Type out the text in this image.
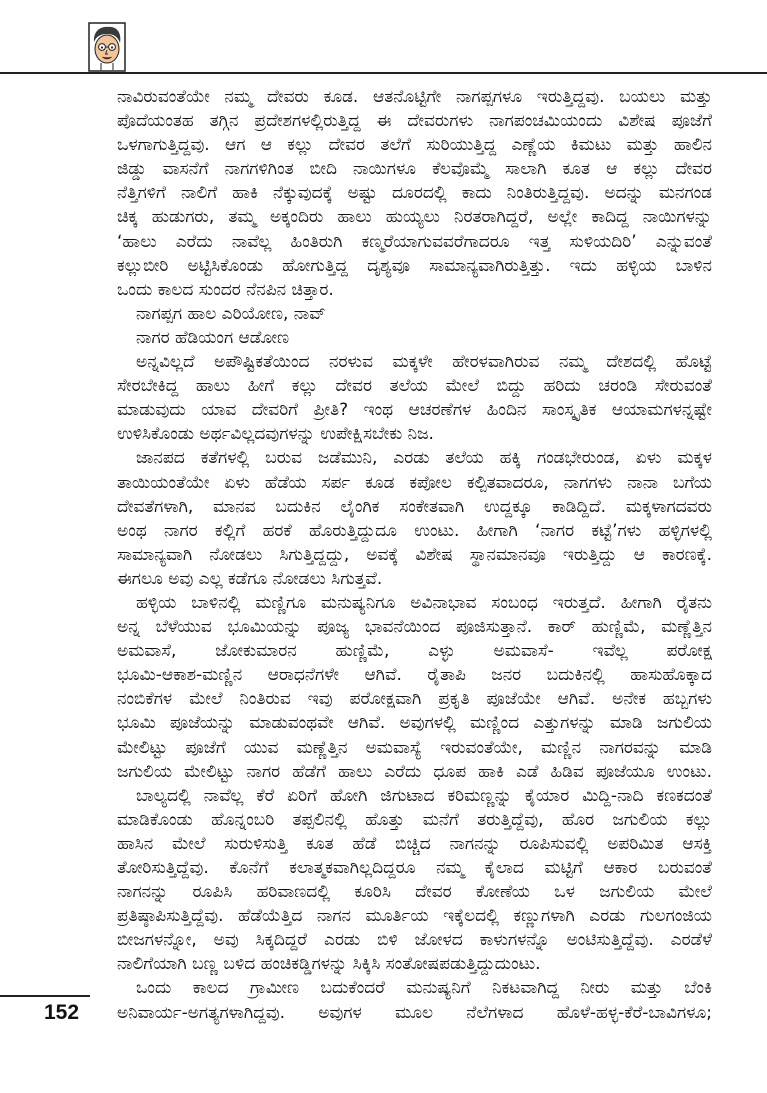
ನಾವಿರುವಂತೆಯೇ ನಮ್ಮ ದೇವರು ಕೂಡ. ಆತನೊಟ್ಟಿಗೇ ನಾಗಪ್ಪಗಳೂ ಇರುತ್ತಿದ್ದವು. ಬಯಲು ಮತ್ತು
ಪೊದೆಯಂತಹ ತಗ್ಗಿನ ಪ್ರದೇಶಗಳಲ್ಲಿರುತ್ತಿದ್ದ ಈ ದೇವರುಗಳು ನಾಗಪಂಚಮಿಯಂದು ವಿಶೇಷ ಪೂಜೆಗೆ
ಒಳಗಾಗುತ್ತಿದ್ದವು. ಆಗ ಆ ಕಲ್ಲು ದೇವರ ತಲೆಗೆ ಸುರಿಯುತ್ತಿದ್ದ ಎಣ್ಣೆಯ ಕಿಮಟು ಮತ್ತು ಹಾಲಿನ
ಜಿಡ್ಡು ವಾಸನೆಗೆ ನಾಗಗಳಿಗಿಂತ ಬೀದಿ ನಾಯಿಗಳೂ ಕೆಲವೊಮ್ಮೆ ಸಾಲಾಗಿ ಕೂತ ಆ ಕಲ್ಲು ದೇವರ
ನೆತ್ತಿಗಳಿಗೆ ನಾಲಿಗೆ ಹಾಕಿ ನೆಕ್ಕುವುದಕ್ಕೆ ಅಷ್ಟು ದೂರದಲ್ಲಿ ಕಾದು ನಿಂತಿರುತ್ತಿದ್ದವು. ಅದನ್ನು ಮನಗಂಡ
ಚಿಕ್ಕ ಹುಡುಗರು, ತಮ್ಮ ಅಕ್ಕಂದಿರು ಹಾಲು ಹುಯ್ಯಲು ನಿರತರಾಗಿದ್ದರೆ, ಅಲ್ಲೇ ಕಾದಿದ್ದ ನಾಯಿಗಳನ್ನು
‘ಹಾಲು ಎರೆದು ನಾವೆಲ್ಲ ಹಿಂತಿರುಗಿ ಕಣ್ಮರೆಯಾಗುವವರೆಗಾದರೂ ಇತ್ತ ಸುಳಿಯದಿರಿ’ ಎನ್ನುವಂತೆ
ಕಲ್ಲುಬೀರಿ ಅಟ್ಟಿಸಿಕೊಂಡು ಹೋಗುತ್ತಿದ್ದ ದೃಶ್ಯವೂ ಸಾಮಾನ್ಯವಾಗಿರುತ್ತಿತ್ತು. ಇದು ಹಳ್ಳಿಯ ಬಾಳಿನ
ಒಂದು ಕಾಲದ ಸುಂದರ ನೆನಪಿನ ಚಿತ್ತಾರ.
ನಾಗಪ್ಪಗ ಹಾಲ ಎರಿಯೋಣ, ನಾವ್
ನಾಗರ ಹೆಡಿಯಂಗ ಆಡೋಣ
ಅನ್ನವಿಲ್ಲದೆ ಅಪೌಷ್ಟಿಕತೆಯಿಂದ ನರಳುವ ಮಕ್ಕಳೇ ಹೇರಳವಾಗಿರುವ ನಮ್ಮ ದೇಶದಲ್ಲಿ ಹೊಟ್ಟೆ
ಸೇರಬೇಕಿದ್ದ ಹಾಲು ಹೀಗೆ ಕಲ್ಲು ದೇವರ ತಲೆಯ ಮೇಲೆ ಬಿದ್ದು ಹರಿದು ಚರಂಡಿ ಸೇರುವಂತೆ
ಮಾಡುವುದು ಯಾವ ದೇವರಿಗೆ ಪ್ರೀತಿ? ಇಂಥ ಆಚರಣೆಗಳ ಹಿಂದಿನ ಸಾಂಸ್ಕೃತಿಕ ಆಯಾಮಗಳನ್ನಷ್ಟೇ
ಉಳಿಸಿಕೊಂಡು ಅರ್ಥವಿಲ್ಲದವುಗಳನ್ನು ಉಪೇಕ್ಷಿಸಬೇಕು ನಿಜ.
ಜಾನಪದ ಕತೆಗಳಲ್ಲಿ ಬರುವ ಜಡೆಮುನಿ, ಎರಡು ತಲೆಯ ಹಕ್ಕಿ ಗಂಡಭೇರುಂಡ, ಏಳು ಮಕ್ಕಳ
ತಾಯಿಯಂತೆಯೇ ಏಳು ಹೆಡೆಯ ಸರ್ಪ ಕೂಡ ಕಪೋಲ ಕಲ್ಪಿತವಾದರೂ, ನಾಗಗಳು ನಾನಾ ಬಗೆಯ
ದೇವತೆಗಳಾಗಿ, ಮಾನವ ಬದುಕಿನ ಲೈಂಗಿಕ ಸಂಕೇತವಾಗಿ ಉದ್ದಕ್ಕೂ ಕಾಡಿದ್ದಿದೆ. ಮಕ್ಕಳಾಗದವರು
ಅಂಥ ನಾಗರ ಕಲ್ಲಿಗೆ ಹರಕೆ ಹೊರುತ್ತಿದ್ದುದೂ ಉಂಟು. ಹೀಗಾಗಿ ‘ನಾಗರ ಕಟ್ಟೆ’ಗಳು ಹಳ್ಳಿಗಳಲ್ಲಿ
ಸಾಮಾನ್ಯವಾಗಿ ನೋಡಲು ಸಿಗುತ್ತಿದ್ದದ್ದು, ಅವಕ್ಕೆ ವಿಶೇಷ ಸ್ಥಾನಮಾನವೂ ಇರುತ್ತಿದ್ದು ಆ ಕಾರಣಕ್ಕೆ.
ಈಗಲೂ ಅವು ಎಲ್ಲ ಕಡೆಗೂ ನೋಡಲು ಸಿಗುತ್ತವೆ.
ಹಳ್ಳಿಯ ಬಾಳಿನಲ್ಲಿ ಮಣ್ಣಿಗೂ ಮನುಷ್ಯನಿಗೂ ಅವಿನಾಭಾವ ಸಂಬಂಧ ಇರುತ್ತದೆ. ಹೀಗಾಗಿ ರೈತನು
ಅನ್ನ ಬೆಳೆಯುವ ಭೂಮಿಯನ್ನು ಪೂಜ್ಯ ಭಾವನೆಯಿಂದ ಪೂಜಿಸುತ್ತಾನೆ. ಕಾರ್ ಹುಣ್ಣಿಮೆ, ಮಣ್ಣೆತ್ತಿನ
ಅಮವಾಸೆ, ಜೋಕುಮಾರನ ಹುಣ್ಣಿಮೆ, ಎಳ್ಳು ಅಮವಾಸೆ- ಇವೆಲ್ಲ ಪರೋಕ್ಷ
ಭೂಮಿ-ಆಕಾಶ-ಮಣ್ಣಿನ ಆರಾಧನೆಗಳೇ ಆಗಿವೆ. ರೈತಾಪಿ ಜನರ ಬದುಕಿನಲ್ಲಿ ಹಾಸುಹೊಕ್ಕಾದ
ನಂಬಿಕೆಗಳ ಮೇಲೆ ನಿಂತಿರುವ ಇವು ಪರೋಕ್ಷವಾಗಿ ಪ್ರಕೃತಿ ಪೂಜೆಯೇ ಆಗಿವೆ. ಅನೇಕ ಹಬ್ಬಗಳು
ಭೂಮಿ ಪೂಜೆಯನ್ನು ಮಾಡುವಂಥವೇ ಆಗಿವೆ. ಅವುಗಳಲ್ಲಿ ಮಣ್ಣಿಂದ ಎತ್ತುಗಳನ್ನು ಮಾಡಿ ಜಗುಲಿಯ
ಮೇಲಿಟ್ಟು ಪೂಜೆಗೆ ಯುವ ಮಣ್ಣೆತ್ತಿನ ಅಮವಾಸ್ಯೆ ಇರುವಂತೆಯೇ, ಮಣ್ಣಿನ ನಾಗರವನ್ನು ಮಾಡಿ
ಜಗುಲಿಯ ಮೇಲಿಟ್ಟು ನಾಗರ ಹೆಡೆಗೆ ಹಾಲು ಎರೆದು ಧೂಪ ಹಾಕಿ ಎಡೆ ಹಿಡಿವ ಪೂಜೆಯೂ ಉಂಟು.
ಬಾಲ್ಯದಲ್ಲಿ ನಾವೆಲ್ಲ ಕೆರೆ ಏರಿಗೆ ಹೋಗಿ ಜಿಗುಟಾದ ಕರಿಮಣ್ಣನ್ನು ಕೈಯಾರ ಮಿದ್ದಿ-ನಾದಿ ಕಣಕದಂತೆ
ಮಾಡಿಕೊಂಡು ಹೊನ್ನಂಬರಿ ತಪ್ಪಲಿನಲ್ಲಿ ಹೊತ್ತು ಮನೆಗೆ ತರುತ್ತಿದ್ದೆವು, ಹೊರ ಜಗುಲಿಯ ಕಲ್ಲು
ಹಾಸಿನ ಮೇಲೆ ಸುರುಳಿಸುತ್ತಿ ಕೂತ ಹೆಡೆ ಬಿಚ್ಚಿದ ನಾಗನನ್ನು ರೂಪಿಸುವಲ್ಲಿ ಅಪರಿಮಿತ ಆಸಕ್ತಿ
ತೋರಿಸುತ್ತಿದ್ದೆವು. ಕೊನೆಗೆ ಕಲಾತ್ಮಕವಾಗಿಲ್ಲದಿದ್ದರೂ ನಮ್ಮ ಕೈಲಾದ ಮಟ್ಟಿಗೆ ಆಕಾರ ಬರುವಂತೆ
ನಾಗನನ್ನು ರೂಪಿಸಿ ಹರಿವಾಣದಲ್ಲಿ ಕೂರಿಸಿ ದೇವರ ಕೋಣೆಯ ಒಳ ಜಗುಲಿಯ ಮೇಲೆ
ಪ್ರತಿಷ್ಠಾಪಿಸುತ್ತಿದ್ದೆವು. ಹೆಡೆಯೆತ್ತಿದ ನಾಗನ ಮೂರ್ತಿಯ ಇಕ್ಕೆಲದಲ್ಲಿ ಕಣ್ಣುಗಳಾಗಿ ಎರಡು ಗುಲಗಂಜಿಯ
ಬೀಜಗಳನ್ನೋ, ಅವು ಸಿಕ್ಕದಿದ್ದರೆ ಎರಡು ಬಿಳಿ ಜೋಳದ ಕಾಳುಗಳನ್ನೊ ಅಂಟಿಸುತ್ತಿದ್ದೆವು. ಎರಡೆಳೆ
ನಾಲಿಗೆಯಾಗಿ ಬಣ್ಣ ಬಳಿದ ಹಂಚಿಕಡ್ಡಿಗಳನ್ನು ಸಿಕ್ಕಿಸಿ ಸಂತೋಷಪಡುತ್ತಿದ್ದುದುಂಟು.
ಒಂದು ಕಾಲದ ಗ್ರಾಮೀಣ ಬದುಕೆಂದರೆ ಮನುಷ್ಯನಿಗೆ ನಿಕಟವಾಗಿದ್ದ ನೀರು ಮತ್ತು ಬೆಂಕಿ
ಅನಿವಾರ್ಯ-ಅಗತ್ಯಗಳಾಗಿದ್ದವು. ಅವುಗಳ ಮೂಲ ನೆಲೆಗಳಾದ ಹೊಳೆ-ಹಳ್ಳ-ಕೆರೆ-ಬಾವಿಗಳೂ;
152
